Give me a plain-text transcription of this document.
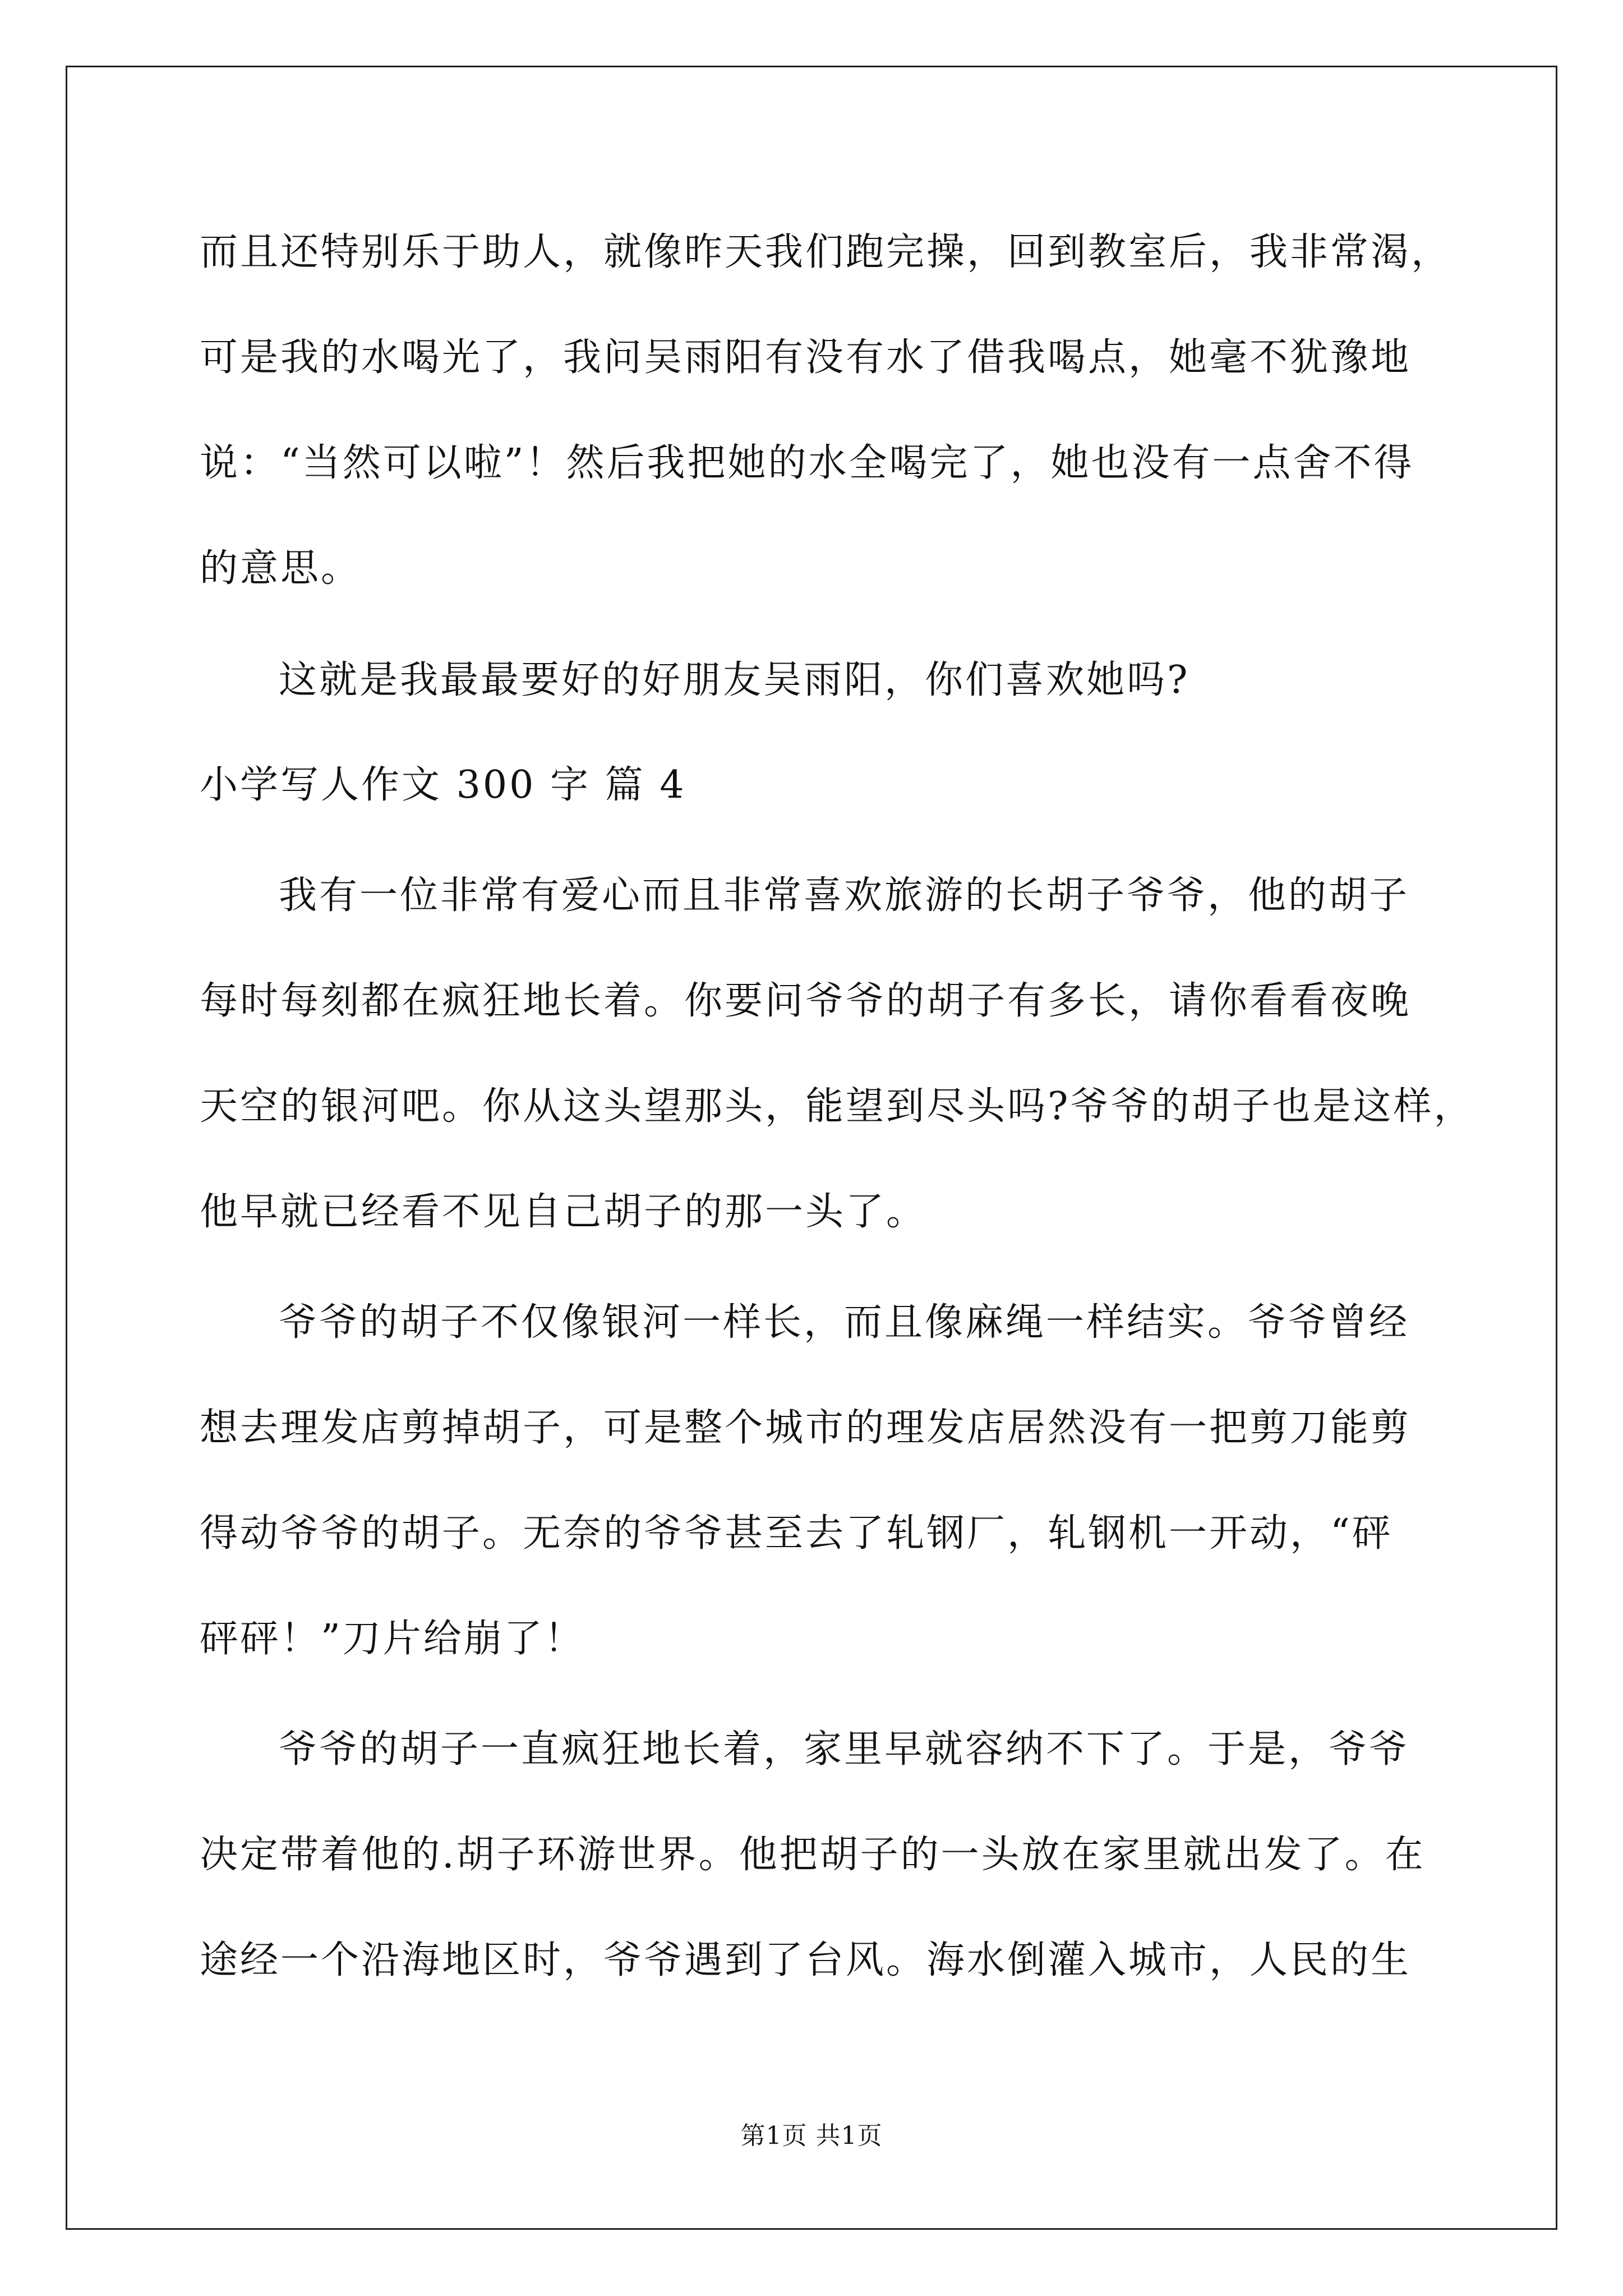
而且还特别乐于助人，就像昨天我们跑完操，回到教室后，我非常渴，
可是我的水喝光了，我问吴雨阳有没有水了借我喝点，她毫不犹豫地
说：“当然可以啦”！然后我把她的水全喝完了，她也没有一点舍不得
的意思。
这就是我最最要好的好朋友吴雨阳，你们喜欢她吗?
小学写人作文 300 字 篇 4
我有一位非常有爱心而且非常喜欢旅游的长胡子爷爷，他的胡子
每时每刻都在疯狂地长着。你要问爷爷的胡子有多长，请你看看夜晚
天空的银河吧。你从这头望那头，能望到尽头吗?爷爷的胡子也是这样，
他早就已经看不见自己胡子的那一头了。
爷爷的胡子不仅像银河一样长，而且像麻绳一样结实。爷爷曾经
想去理发店剪掉胡子，可是整个城市的理发店居然没有一把剪刀能剪
得动爷爷的胡子。无奈的爷爷甚至去了轧钢厂，轧钢机一开动，“砰
砰砰！”刀片给崩了！
爷爷的胡子一直疯狂地长着，家里早就容纳不下了。于是，爷爷
决定带着他的.胡子环游世界。他把胡子的一头放在家里就出发了。在
途经一个沿海地区时，爷爷遇到了台风。海水倒灌入城市，人民的生
第1页 共1页
